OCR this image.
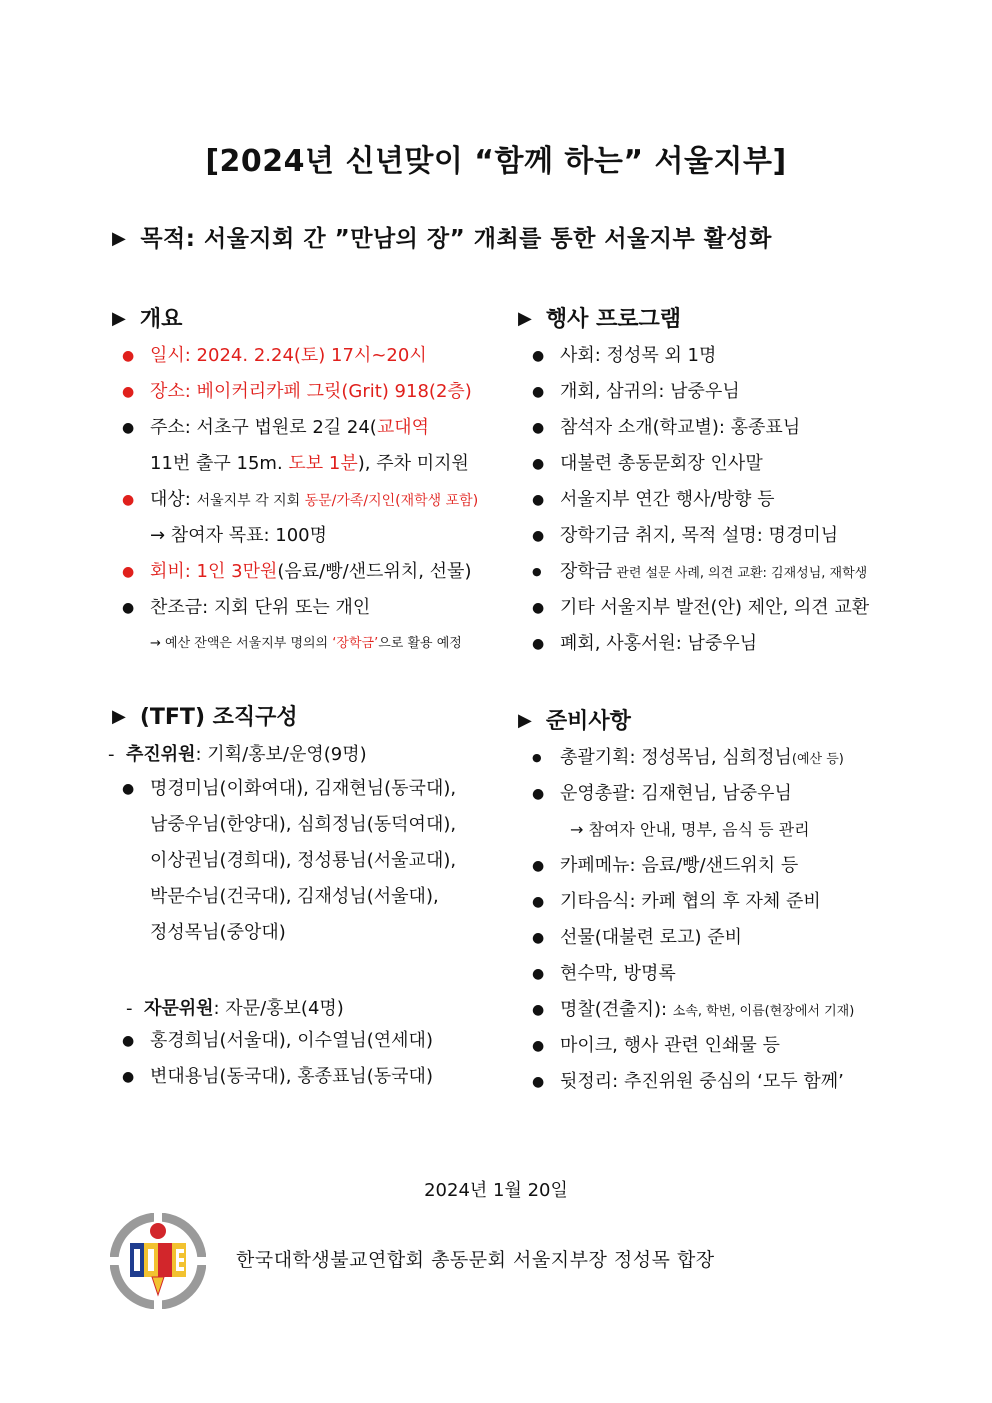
[2024년 신년맞이 “함께 하는” 서울지부]
▶ 목적: 서울지회 간 ”만남의 장” 개최를 통한 서울지부 활성화
▶ 개요
● 일시: 2024. 2.24(토) 17시~20시
● 장소: 베이커리카페 그릿(Grit) 918(2층)
● 주소: 서초구 법원로 2길 24(교대역
11번 출구 15m. 도보 1분), 주차 미지원
● 대상: 서울지부 각 지회 동문/가족/지인(재학생 포함)
→ 참여자 목표: 100명
● 회비: 1인 3만원(음료/빵/샌드위치, 선물)
● 찬조금: 지회 단위 또는 개인
→ 예산 잔액은 서울지부 명의의 ‘장학금’으로 활용 예정
▶ 행사 프로그램
● 사회: 정성목 외 1명
● 개회, 삼귀의: 남중우님
● 참석자 소개(학교별): 홍종표님
● 대불련 총동문회장 인사말
● 서울지부 연간 행사/방향 등
● 장학기금 취지, 목적 설명: 명경미님
● 장학금 관련 설문 사례, 의견 교환: 김재성님, 재학생
● 기타 서울지부 발전(안) 제안, 의견 교환
● 폐회, 사홍서원: 남중우님
▶ (TFT) 조직구성
-  추진위원: 기획/홍보/운영(9명)
● 명경미님(이화여대), 김재현님(동국대),
남중우님(한양대), 심희정님(동덕여대),
이상권님(경희대), 정성룡님(서울교대),
박문수님(건국대), 김재성님(서울대),
정성목님(중앙대)
-  자문위원: 자문/홍보(4명)
● 홍경희님(서울대), 이수열님(연세대)
● 변대용님(동국대), 홍종표님(동국대)
▶ 준비사항
● 총괄기획: 정성목님, 심희정님(예산 등)
● 운영총괄: 김재현님, 남중우님
→ 참여자 안내, 명부, 음식 등 관리
● 카페메뉴: 음료/빵/샌드위치 등
● 기타음식: 카페 협의 후 자체 준비
● 선물(대불련 로고) 준비
● 현수막, 방명록
● 명찰(견출지): 소속, 학번, 이름(현장에서 기재)
● 마이크, 행사 관련 인쇄물 등
● 뒷정리: 추진위원 중심의 ‘모두 함께’
2024년 1월 20일
한국대학생불교연합회 총동문회 서울지부장 정성목 합장
